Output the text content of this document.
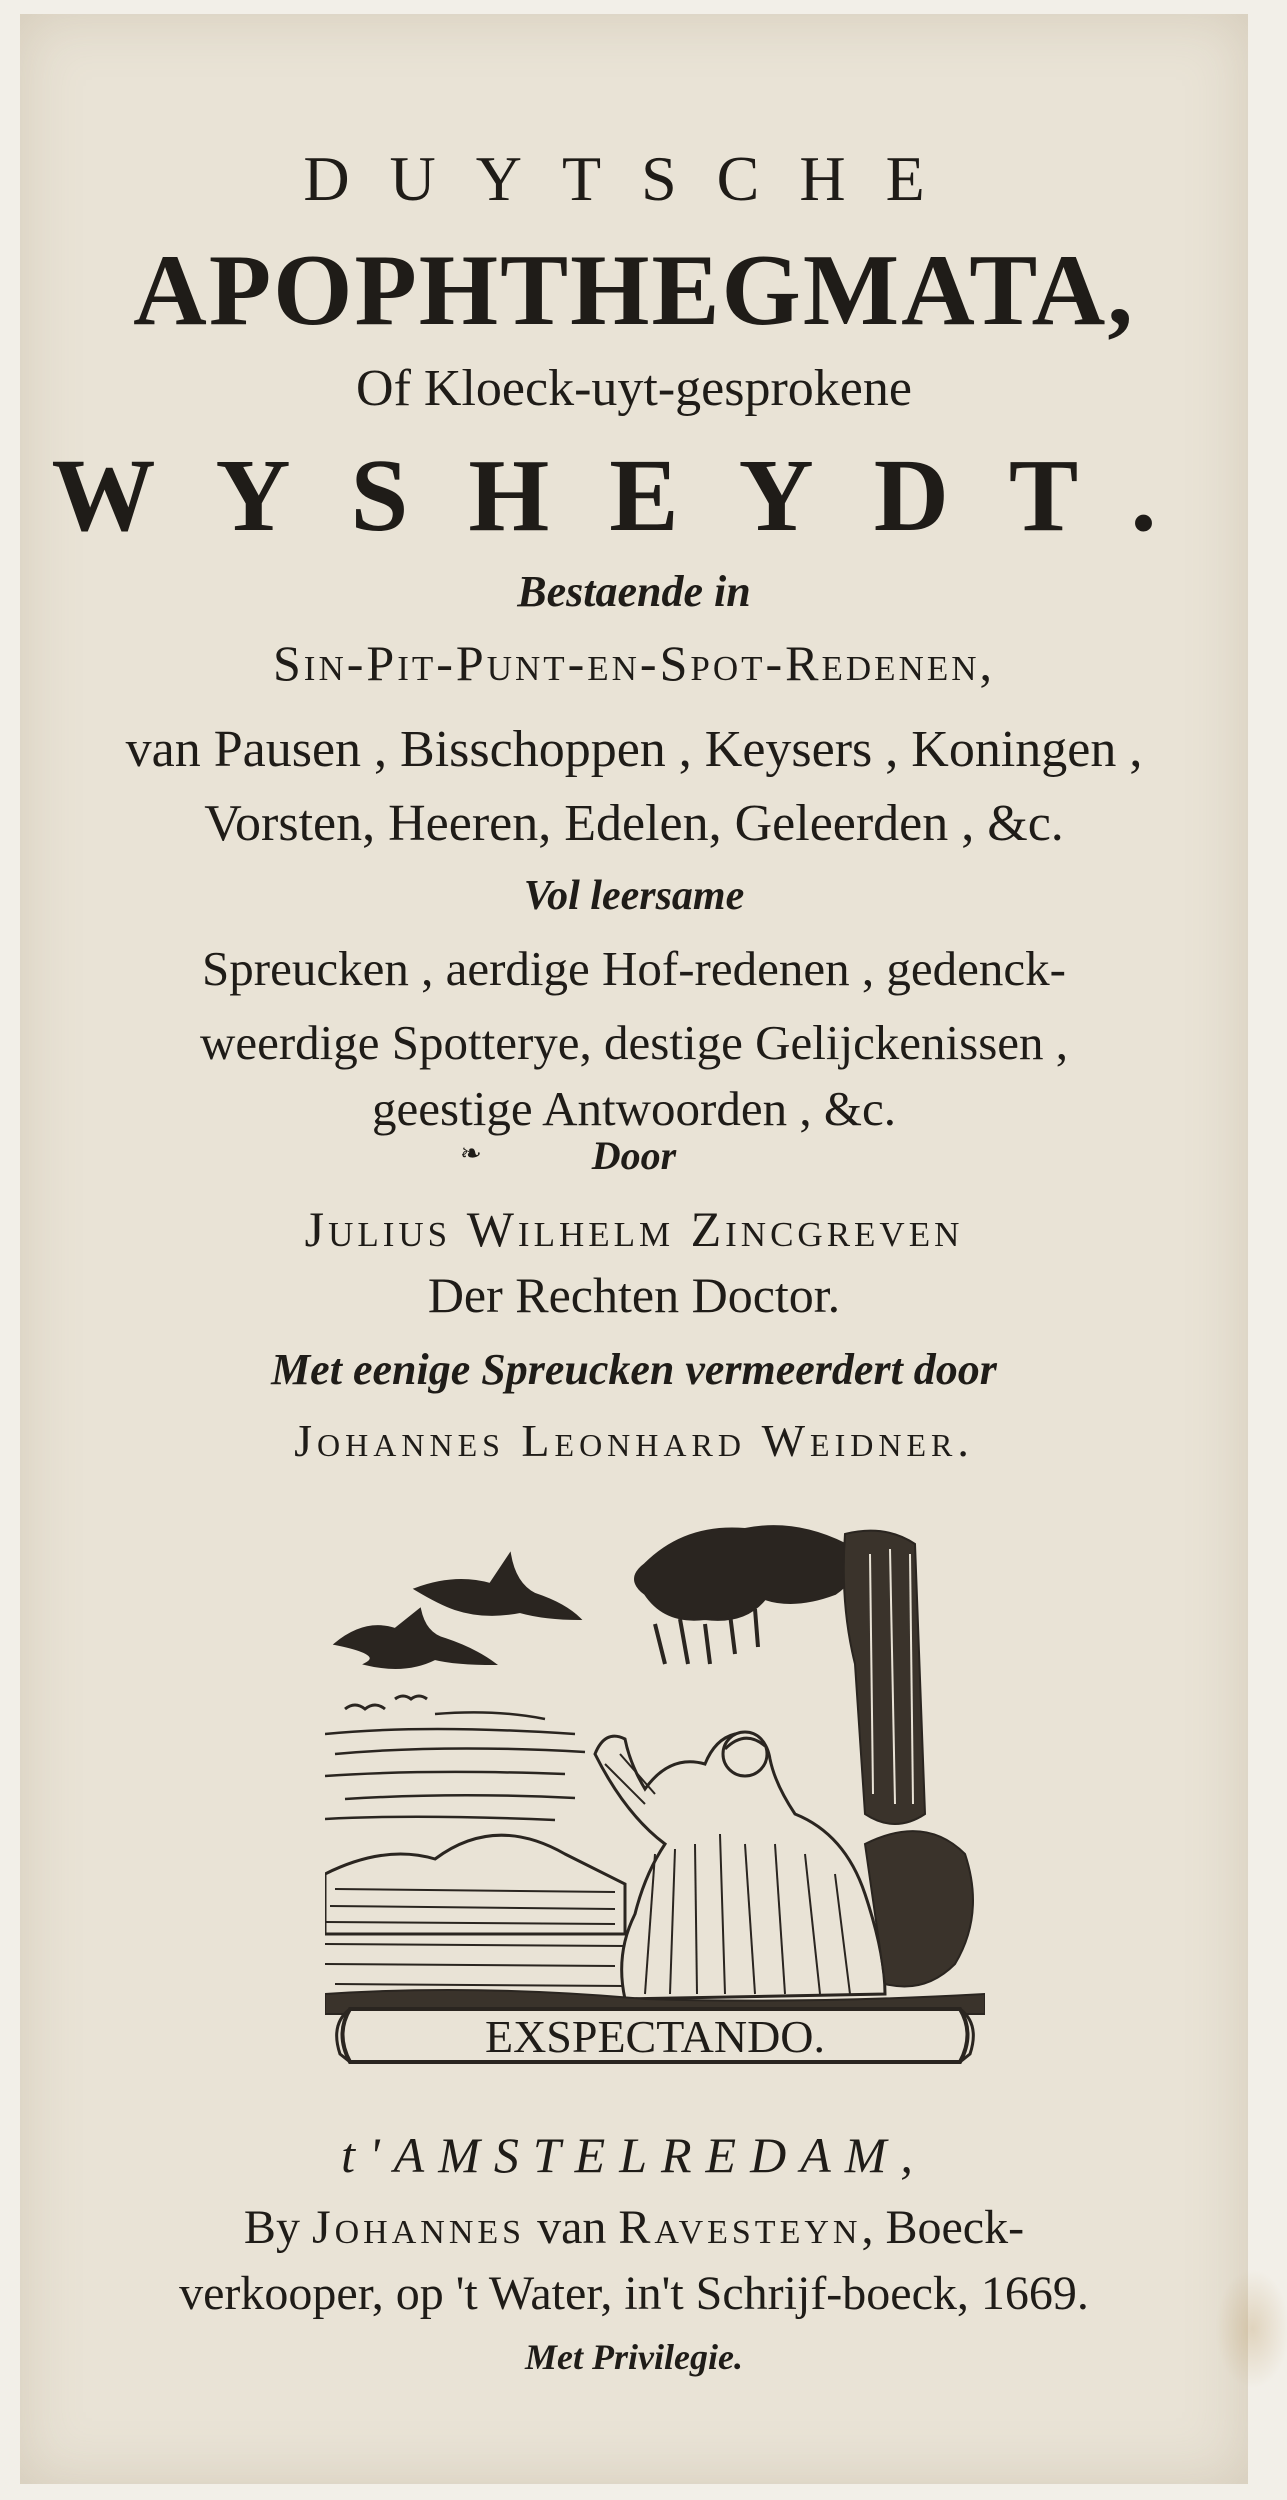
DUYTSCHE
APOPHTHEGMATA,
Of Kloeck-uyt-gesprokene
WYSHEYDT.
Bestaende in
Sin-Pit-Punt-en-Spot-Redenen,
van Pausen , Bisschoppen , Keysers , Koningen ,
Vorsten, Heeren, Edelen, Geleerden , &c.
Vol leersame
Spreucken , aerdige Hof-redenen , gedenck-
weerdige Spotterye, destige Gelijckenissen ,
geestige Antwoorden , &c.
❧	Door
Julius Wilhelm Zincgreven
Der Rechten Doctor.
Met eenige Spreucken vermeerdert door
Johannes Leonhard Weidner.
EXSPECTANDO.
t'AMSTELREDAM,
By Johannes van Ravesteyn, Boeck-
verkooper, op 't Water, in't Schrijf-boeck, 1669.
Met Privilegie.
